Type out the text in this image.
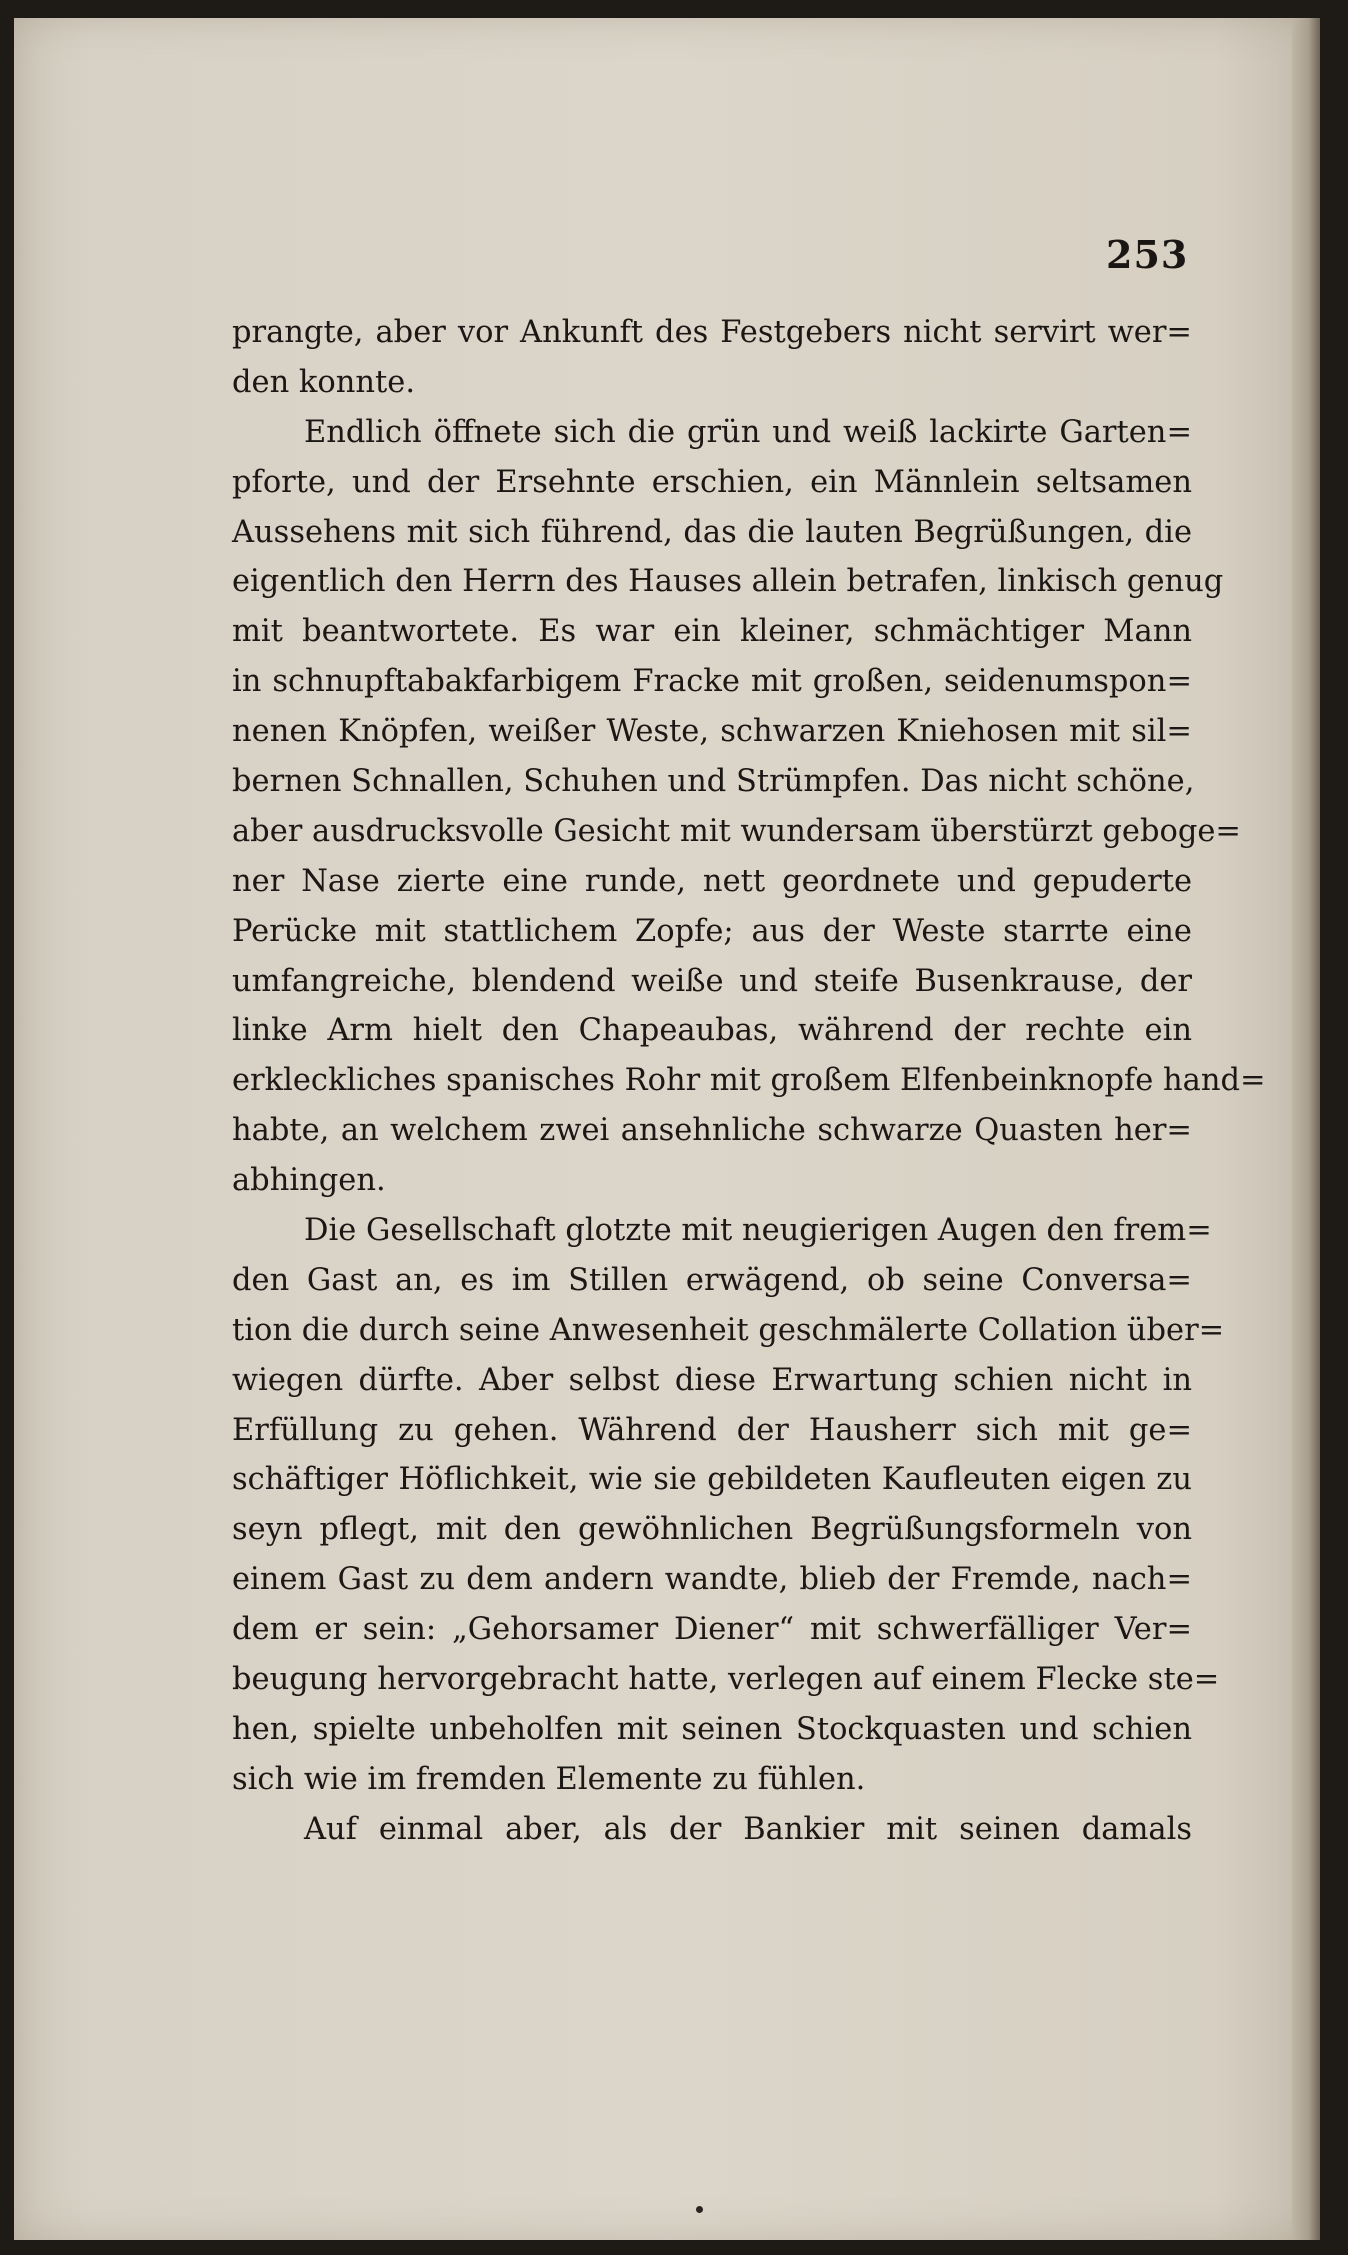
253
prangte, aber vor Ankunft des Festgebers nicht servirt wer=
den konnte.
Endlich öffnete sich die grün und weiß lackirte Garten=
pforte, und der Ersehnte erschien, ein Männlein seltsamen
Aussehens mit sich führend, das die lauten Begrüßungen, die
eigentlich den Herrn des Hauses allein betrafen, linkisch genug
mit beantwortete. Es war ein kleiner, schmächtiger Mann
in schnupftabakfarbigem Fracke mit großen, seidenumspon=
nenen Knöpfen, weißer Weste, schwarzen Kniehosen mit sil=
bernen Schnallen, Schuhen und Strümpfen. Das nicht schöne,
aber ausdrucksvolle Gesicht mit wundersam überstürzt geboge=
ner Nase zierte eine runde, nett geordnete und gepuderte
Perücke mit stattlichem Zopfe; aus der Weste starrte eine
umfangreiche, blendend weiße und steife Busenkrause, der
linke Arm hielt den Chapeaubas, während der rechte ein
erkleckliches spanisches Rohr mit großem Elfenbeinknopfe hand=
habte, an welchem zwei ansehnliche schwarze Quasten her=
abhingen.
Die Gesellschaft glotzte mit neugierigen Augen den frem=
den Gast an, es im Stillen erwägend, ob seine Conversa=
tion die durch seine Anwesenheit geschmälerte Collation über=
wiegen dürfte. Aber selbst diese Erwartung schien nicht in
Erfüllung zu gehen. Während der Hausherr sich mit ge=
schäftiger Höflichkeit, wie sie gebildeten Kaufleuten eigen zu
seyn pflegt, mit den gewöhnlichen Begrüßungsformeln von
einem Gast zu dem andern wandte, blieb der Fremde, nach=
dem er sein: „Gehorsamer Diener“ mit schwerfälliger Ver=
beugung hervorgebracht hatte, verlegen auf einem Flecke ste=
hen, spielte unbeholfen mit seinen Stockquasten und schien
sich wie im fremden Elemente zu fühlen.
Auf einmal aber, als der Bankier mit seinen damals
